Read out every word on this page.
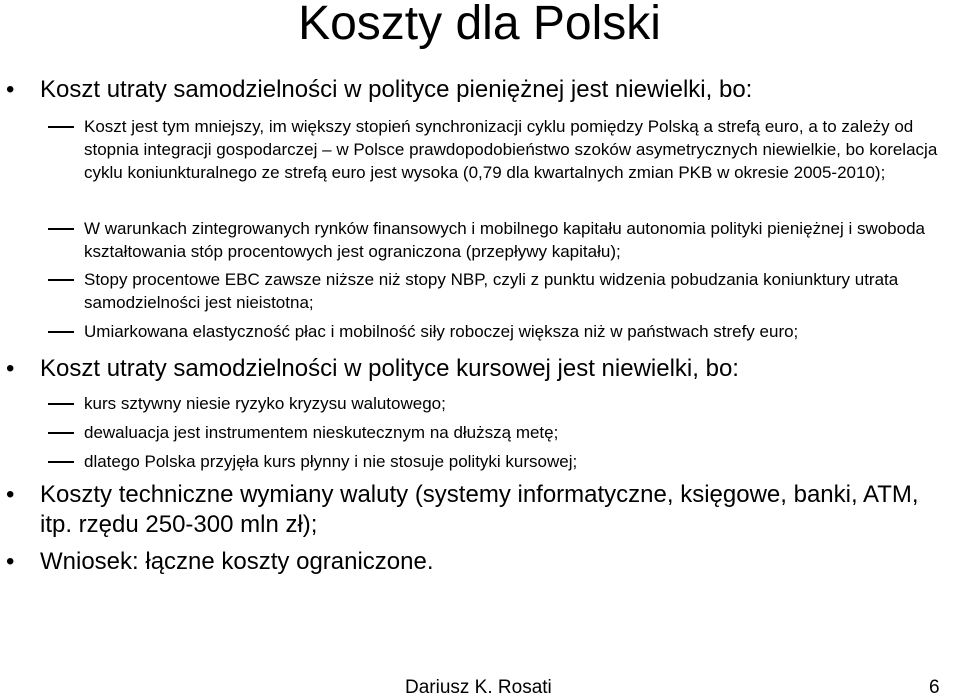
Koszty dla Polski
• Koszt utraty samodzielności w polityce pieniężnej jest niewielki, bo:
Koszt jest tym mniejszy, im większy stopień synchronizacji cyklu pomiędzy Polską a strefą euro, a to zależy od stopnia integracji gospodarczej – w Polsce prawdopodobieństwo szoków asymetrycznych niewielkie, bo korelacja cyklu koniunkturalnego ze strefą euro jest wysoka (0,79 dla kwartalnych zmian PKB w okresie 2005-2010);
W warunkach zintegrowanych rynków finansowych i mobilnego kapitału autonomia polityki pieniężnej i swoboda kształtowania stóp procentowych jest ograniczona (przepływy kapitału);
Stopy procentowe EBC zawsze niższe niż stopy NBP, czyli z punktu widzenia pobudzania koniunktury utrata samodzielności jest nieistotna;
Umiarkowana elastyczność płac i mobilność siły roboczej większa niż w państwach strefy euro;
• Koszt utraty samodzielności w polityce kursowej jest niewielki, bo:
kurs sztywny niesie ryzyko kryzysu walutowego;
dewaluacja jest instrumentem nieskutecznym na dłuższą metę;
dlatego Polska przyjęła kurs płynny i nie stosuje polityki kursowej;
• Koszty techniczne wymiany waluty (systemy informatyczne, księgowe, banki, ATM, itp. rzędu 250-300 mln zł);
• Wniosek: łączne koszty ograniczone.
Dariusz K. Rosati	6
